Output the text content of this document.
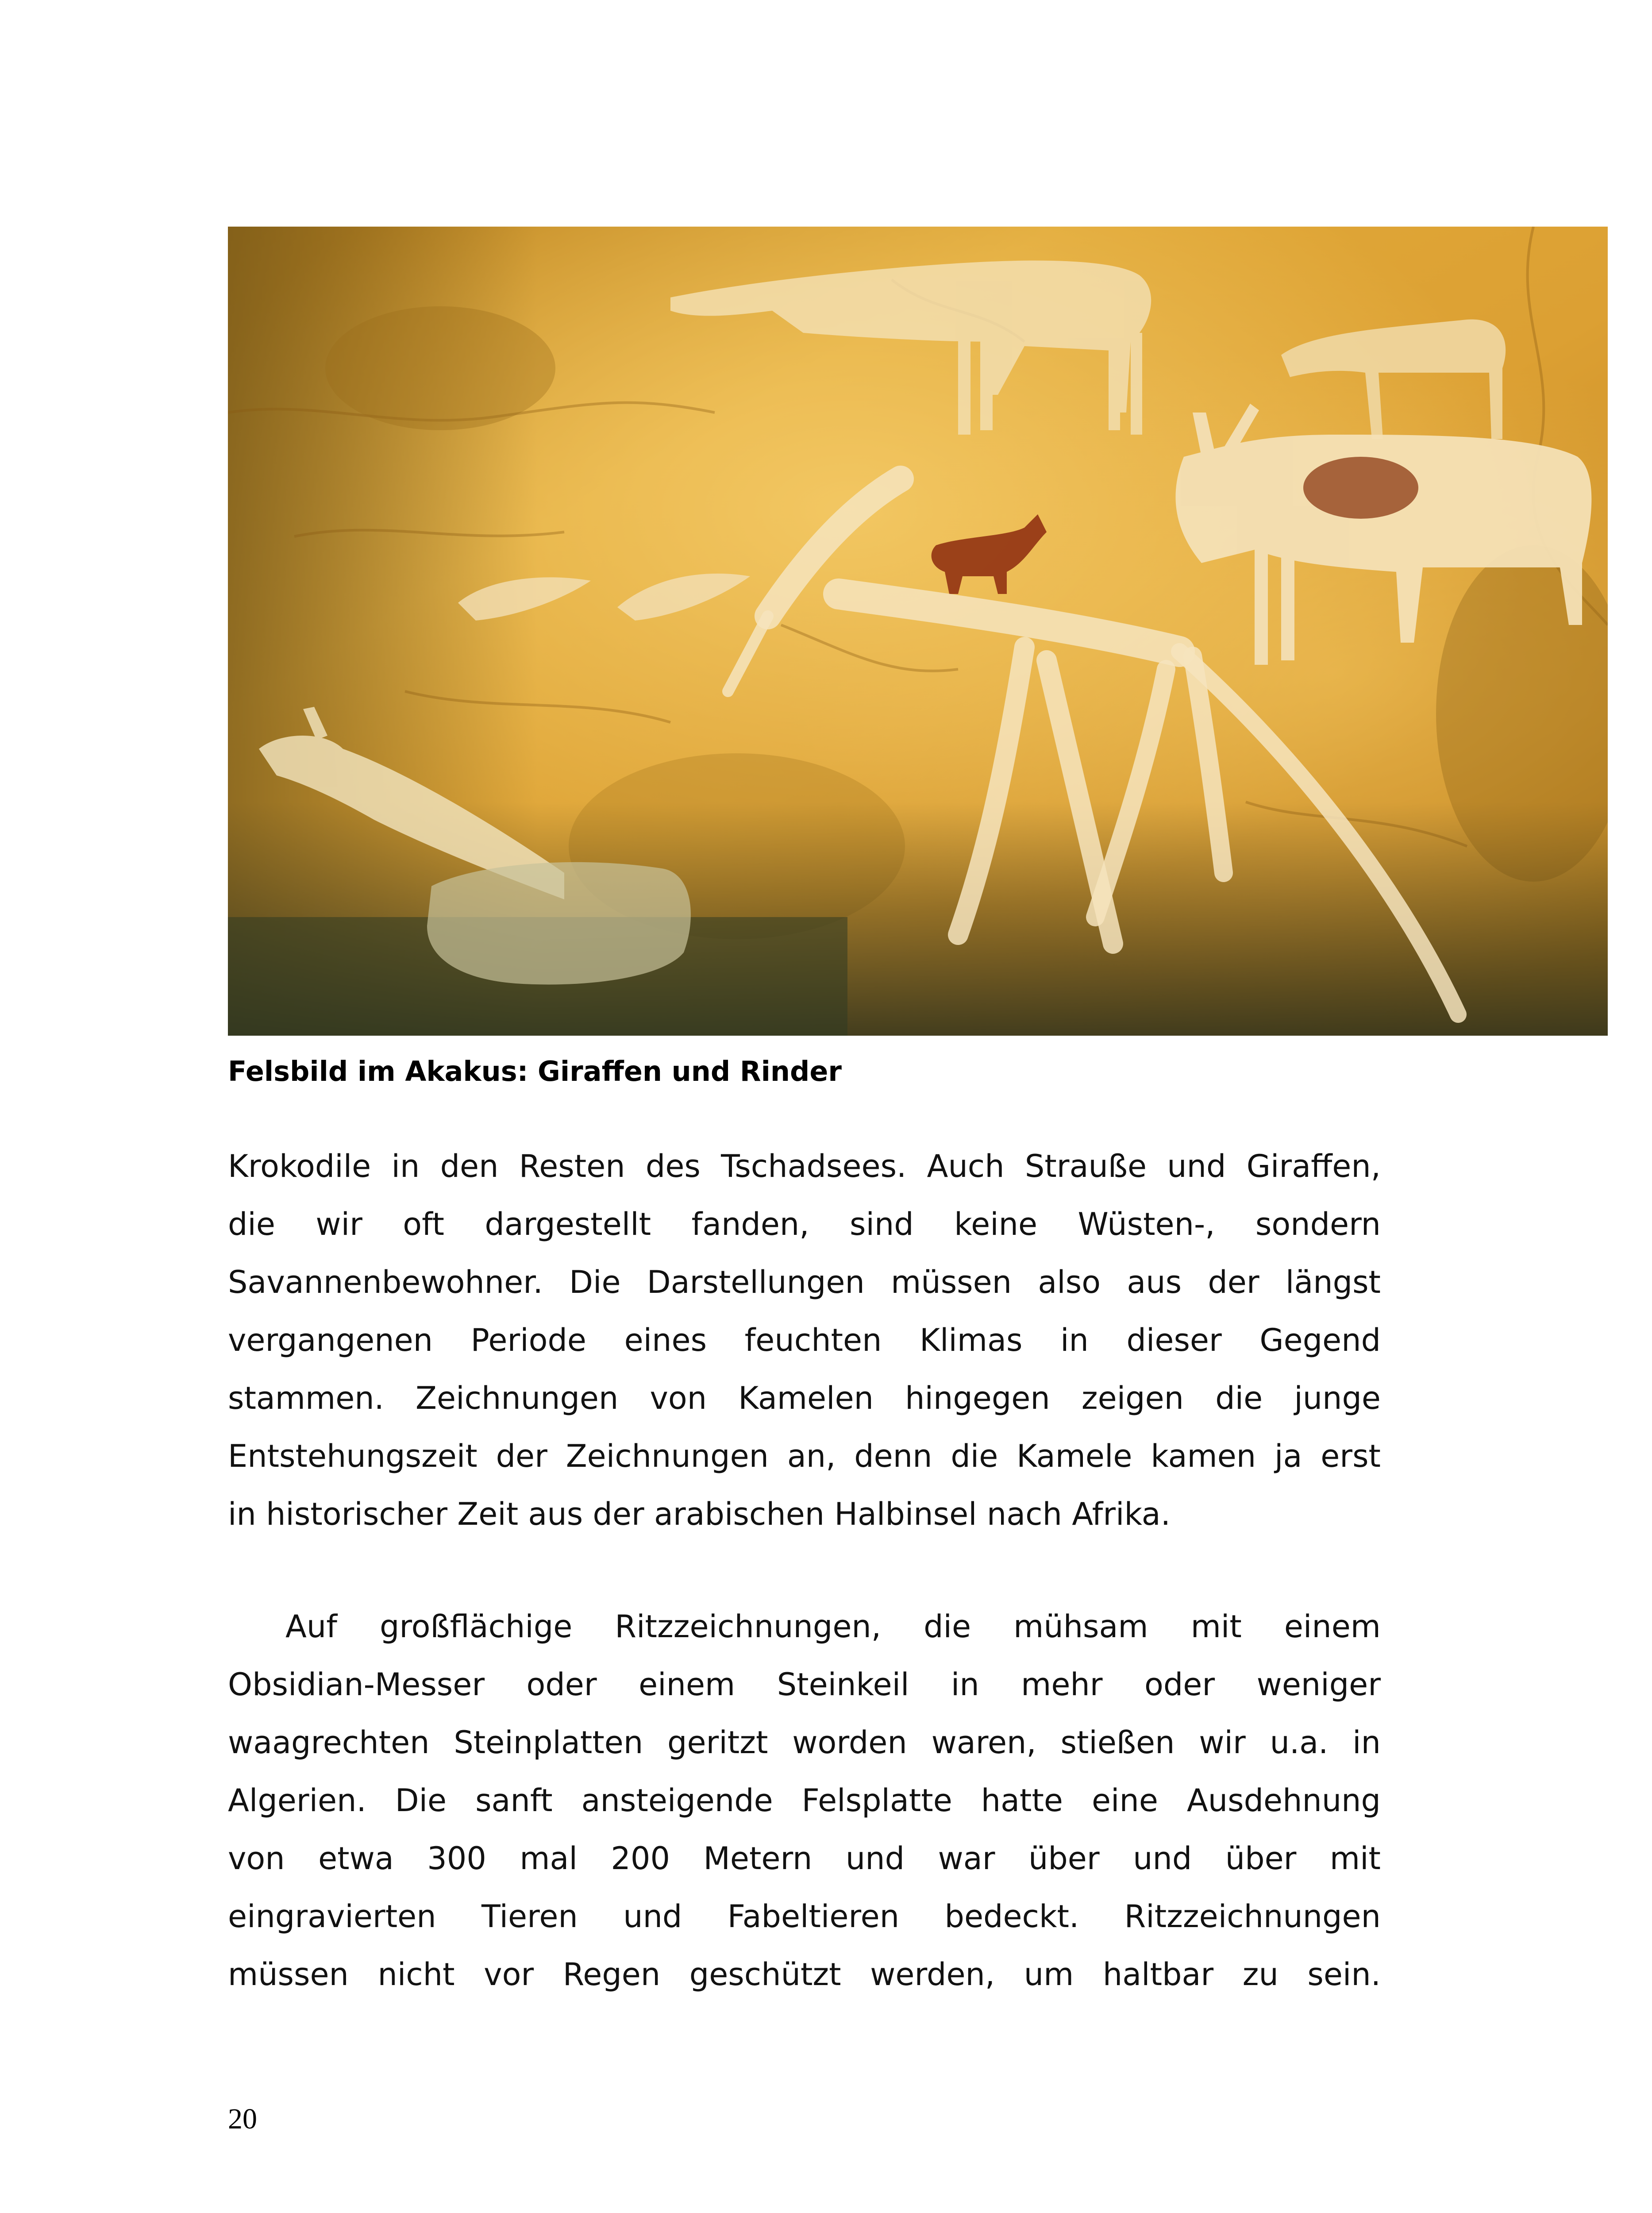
Felsbild im Akakus: Giraffen und Rinder
Krokodile in den Resten des Tschadsees. Auch Strauße und Giraffen,
die wir oft dargestellt fanden, sind keine Wüsten-, sondern
Savannenbewohner. Die Darstellungen müssen also aus der längst
vergangenen Periode eines feuchten Klimas in dieser Gegend
stammen. Zeichnungen von Kamelen hingegen zeigen die junge
Entstehungszeit der Zeichnungen an, denn die Kamele kamen ja erst
in historischer Zeit aus der arabischen Halbinsel nach Afrika.
Auf großflächige Ritzzeichnungen, die mühsam mit einem
Obsidian-Messer oder einem Steinkeil in mehr oder weniger
waagrechten Steinplatten geritzt worden waren, stießen wir u.a. in
Algerien. Die sanft ansteigende Felsplatte hatte eine Ausdehnung
von etwa 300 mal 200 Metern und war über und über mit
eingravierten Tieren und Fabeltieren bedeckt. Ritzzeichnungen
müssen nicht vor Regen geschützt werden, um haltbar zu sein.
20
